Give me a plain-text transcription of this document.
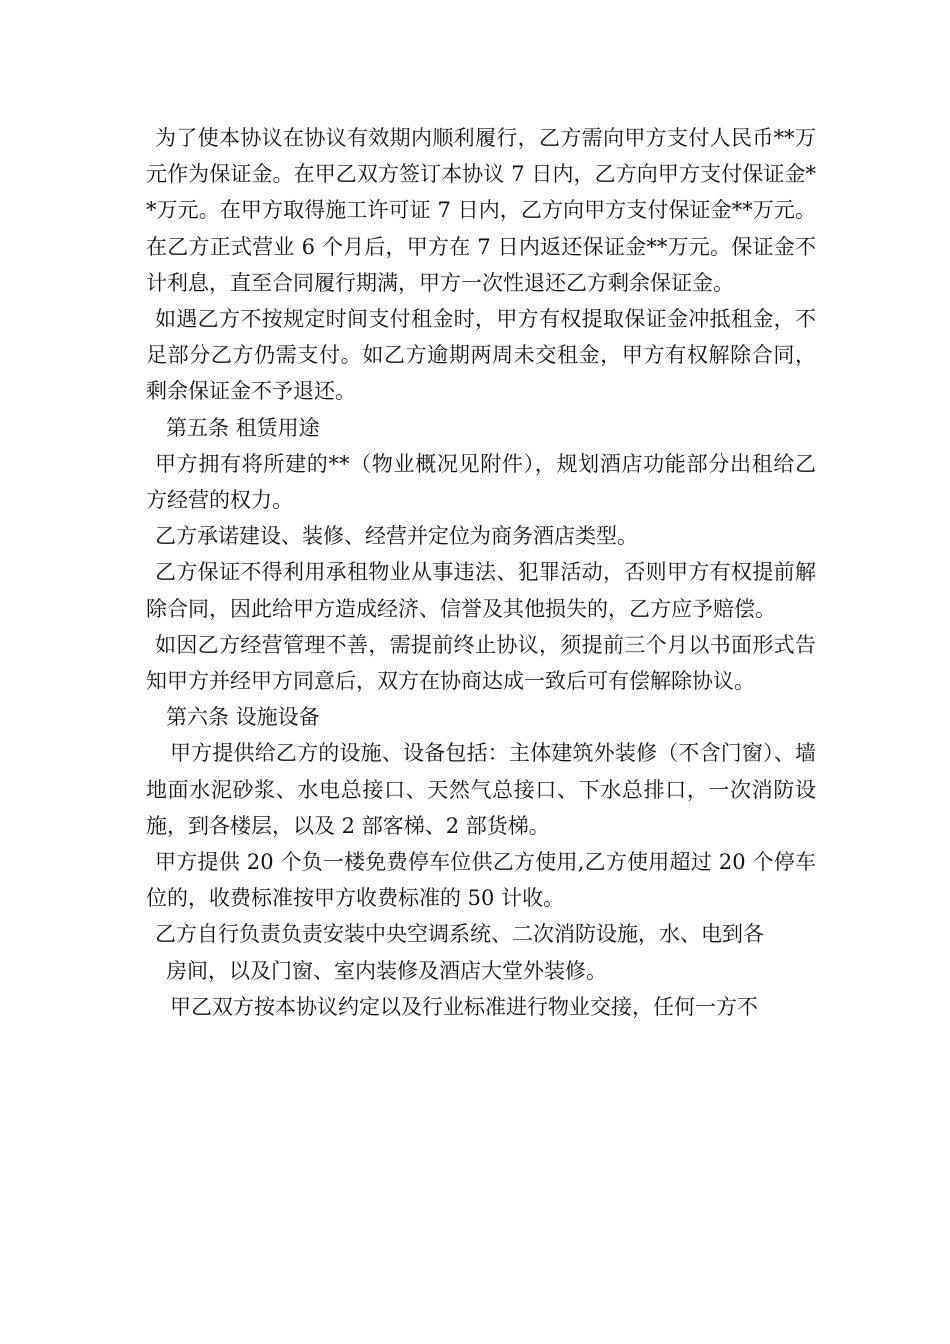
为了使本协议在协议有效期内顺利履行，乙方需向甲方支付人民币**万元作为保证金。在甲乙双方签订本协议 7 日内，乙方向甲方支付保证金**万元。在甲方取得施工许可证 7 日内，乙方向甲方支付保证金**万元。在乙方正式营业 6 个月后，甲方在 7 日内返还保证金**万元。保证金不计利息，直至合同履行期满，甲方一次性退还乙方剩余保证金。

如遇乙方不按规定时间支付租金时，甲方有权提取保证金冲抵租金，不足部分乙方仍需支付。如乙方逾期两周未交租金，甲方有权解除合同，剩余保证金不予退还。

第五条 租赁用途

甲方拥有将所建的**（物业概况见附件），规划酒店功能部分出租给乙方经营的权力。

乙方承诺建设、装修、经营并定位为商务酒店类型。

乙方保证不得利用承租物业从事违法、犯罪活动，否则甲方有权提前解除合同，因此给甲方造成经济、信誉及其他损失的，乙方应予赔偿。

如因乙方经营管理不善，需提前终止协议，须提前三个月以书面形式告知甲方并经甲方同意后，双方在协商达成一致后可有偿解除协议。

第六条 设施设备

甲方提供给乙方的设施、设备包括：主体建筑外装修（不含门窗）、墙地面水泥砂浆、水电总接口、天然气总接口、下水总排口，一次消防设施，到各楼层，以及 2 部客梯、2 部货梯。

甲方提供 20 个负一楼免费停车位供乙方使用,乙方使用超过 20 个停车位的，收费标准按甲方收费标准的 50 计收。

乙方自行负责负责安装中央空调系统、二次消防设施，水、电到各

房间，以及门窗、室内装修及酒店大堂外装修。

甲乙双方按本协议约定以及行业标准进行物业交接，任何一方不
